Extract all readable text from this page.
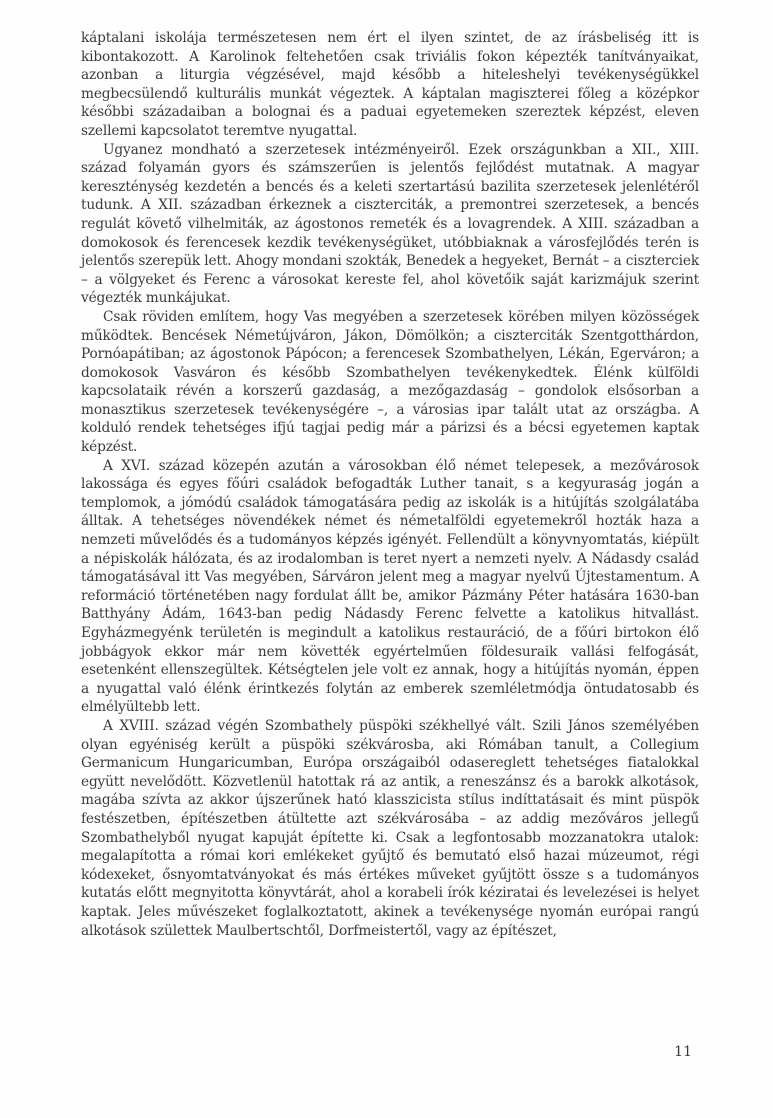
káptalani iskolája természetesen nem ért el ilyen szintet, de az írásbeliség itt is kibontakozott. A Karolinok feltehetően csak triviális fokon képezték tanítványaikat, azonban a liturgia végzésével, majd később a hiteleshelyi tevékenységükkel megbecsülendő kulturális munkát végeztek. A káptalan magiszterei főleg a középkor későbbi századaiban a bolognai és a paduai egyetemeken szereztek képzést, eleven szellemi kapcsolatot teremtve nyugattal.

Ugyanez mondható a szerzetesek intézményeiről. Ezek országunkban a XII., XIII. század folyamán gyors és számszerűen is jelentős fejlődést mutatnak. A magyar kereszténység kezdetén a bencés és a keleti szertartású bazilita szerzetesek jelenlétéről tudunk. A XII. században érkeznek a ciszterciták, a premontrei szerzetesek, a bencés regulát követő vilhelmiták, az ágostonos remeték és a lovagrendek. A XIII. században a domokosok és ferencesek kezdik tevékenységüket, utóbbiaknak a városfejlődés terén is jelentős szerepük lett. Ahogy mondani szokták, Benedek a hegyeket, Bernát – a ciszterciek – a völgyeket és Ferenc a városokat kereste fel, ahol követőik saját karizmájuk szerint végezték munkájukat.

Csak röviden említem, hogy Vas megyében a szerzetesek körében milyen közösségek működtek. Bencések Németújváron, Jákon, Dömölkön; a ciszterciták Szentgotthárdon, Pornóapátiban; az ágostonok Pápócon; a ferencesek Szombathelyen, Lékán, Egerváron; a domokosok Vasváron és később Szombathelyen tevékenykedtek. Élénk külföldi kapcsolataik révén a korszerű gazdaság, a mezőgazdaság – gondolok elsősorban a monasztikus szerzetesek tevékenységére –, a városias ipar talált utat az országba. A kolduló rendek tehetséges ifjú tagjai pedig már a párizsi és a bécsi egyetemen kaptak képzést.

A XVI. század közepén azután a városokban élő német telepesek, a mezővárosok lakossága és egyes főúri családok befogadták Luther tanait, s a kegyuraság jogán a templomok, a jómódú családok támogatására pedig az iskolák is a hitújítás szolgálatába álltak. A tehetséges növendékek német és németalföldi egyetemekről hozták haza a nemzeti művelődés és a tudományos képzés igényét. Fellendült a könyvnyomtatás, kiépült a népiskolák hálózata, és az irodalomban is teret nyert a nemzeti nyelv. A Nádasdy család támogatásával itt Vas megyében, Sárváron jelent meg a magyar nyelvű Újtestamentum. A reformáció történetében nagy fordulat állt be, amikor Pázmány Péter hatására 1630-ban Batthyány Ádám, 1643-ban pedig Nádasdy Ferenc felvette a katolikus hitvallást. Egyházmegyénk területén is megindult a katolikus restauráció, de a főúri birtokon élő jobbágyok ekkor már nem követték egyértelműen földesuraik vallási felfogását, esetenként ellenszegültek. Kétségtelen jele volt ez annak, hogy a hitújítás nyomán, éppen a nyugattal való élénk érintkezés folytán az emberek szemléletmódja öntudatosabb és elmélyültebb lett.

A XVIII. század végén Szombathely püspöki székhellyé vált. Szili János személyében olyan egyéniség került a püspöki székvárosba, aki Rómában tanult, a Collegium Germanicum Hungaricumban, Európa országaiból odasereglett tehetséges fiatalokkal együtt nevelődött. Közvetlenül hatottak rá az antik, a reneszánsz és a barokk alkotások, magába szívta az akkor újszerűnek ható klasszicista stílus indíttatásait és mint püspök festészetben, építészetben átültette azt székvárosába – az addig mezőváros jellegű Szombathelyből nyugat kapuját építette ki. Csak a legfontosabb mozzanatokra utalok: megalapította a római kori emlékeket gyűjtő és bemutató első hazai múzeumot, régi kódexeket, ősnyomtatványokat és más értékes műveket gyűjtött össze s a tudományos kutatás előtt megnyitotta könyvtárát, ahol a korabeli írók kéziratai és levelezései is helyet kaptak. Jeles művészeket foglalkoztatott, akinek a tevékenysége nyomán európai rangú alkotások születtek Maulbertschtől, Dorfmeistertől, vagy az építészet,

11
